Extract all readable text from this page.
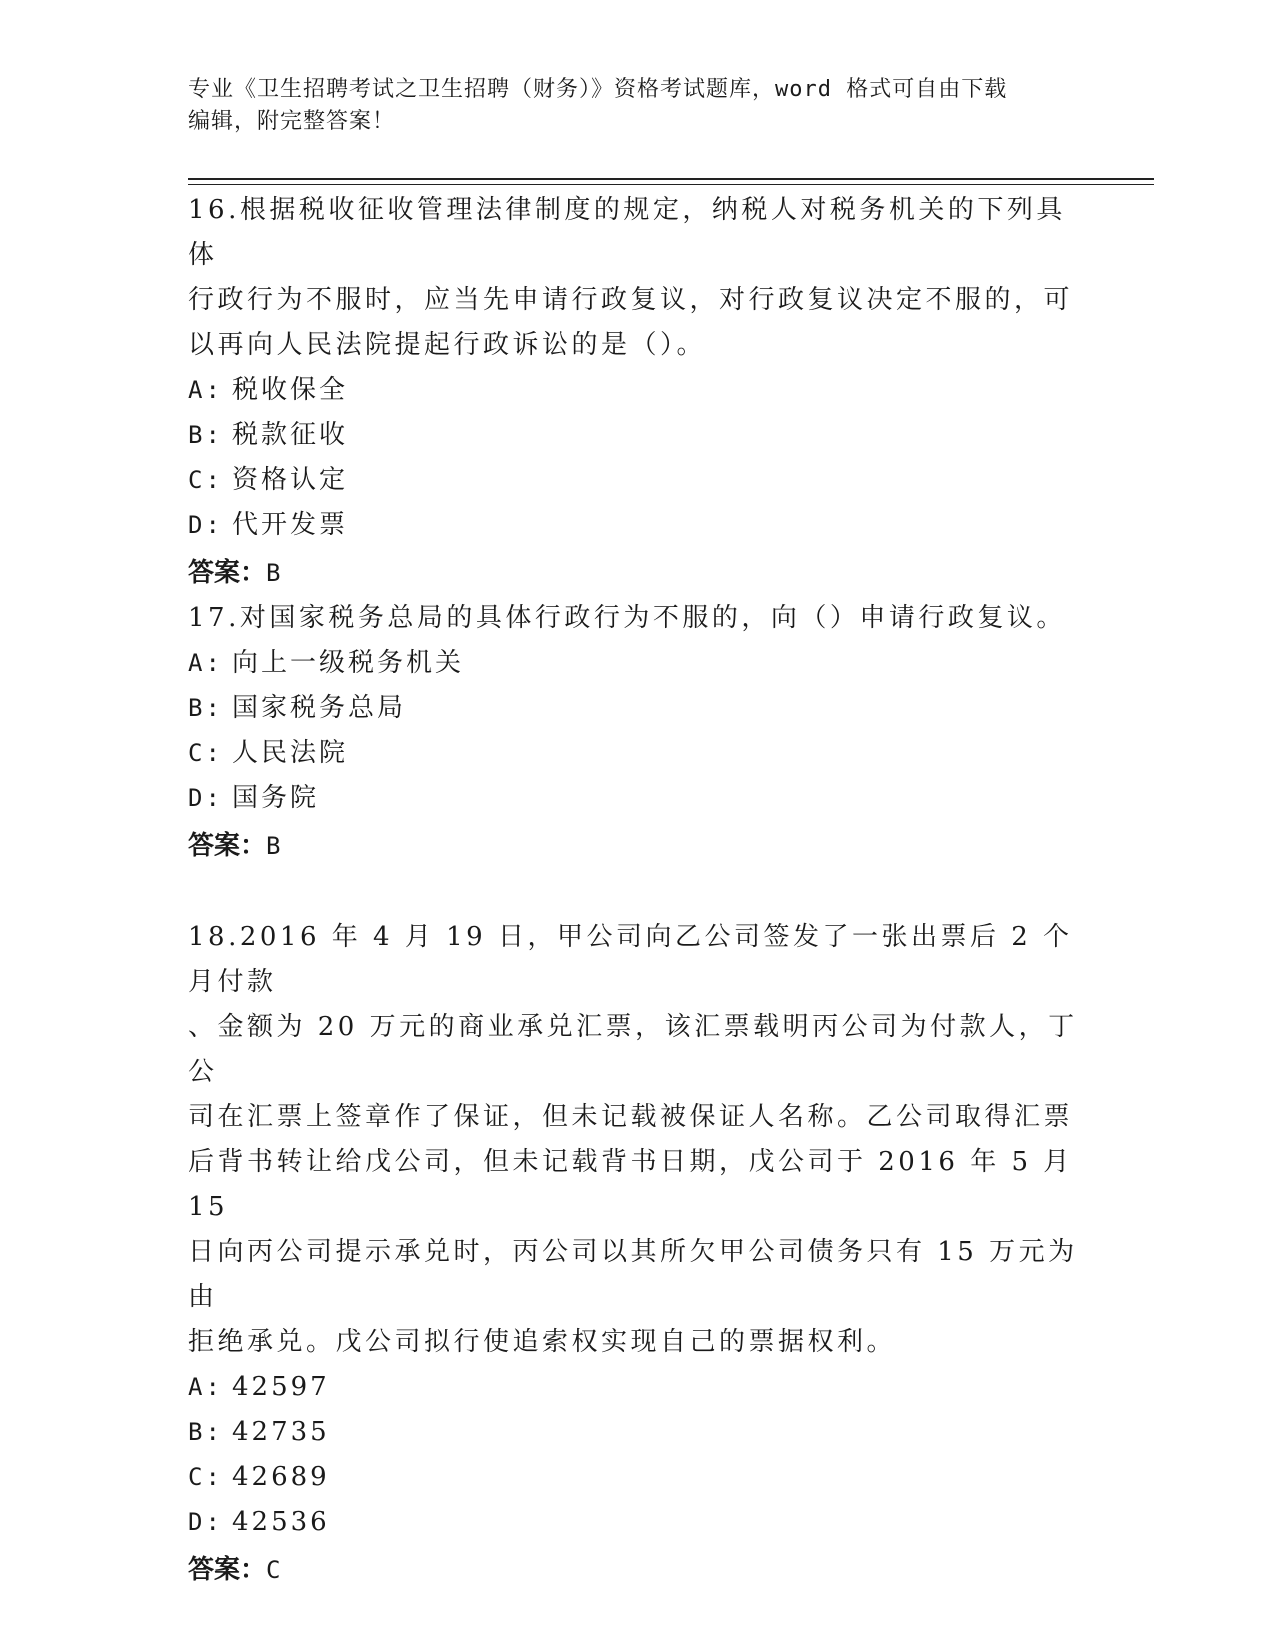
专业《卫生招聘考试之卫生招聘（财务）》资格考试题库，word 格式可自由下载
编辑，附完整答案！

16.根据税收征收管理法律制度的规定，纳税人对税务机关的下列具体
行政行为不服时，应当先申请行政复议，对行政复议决定不服的，可
以再向人民法院提起行政诉讼的是（）。

A: 税收保全
B: 税款征收
C: 资格认定
D: 代开发票
答案：B

17.对国家税务总局的具体行政行为不服的，向（）申请行政复议。

A: 向上一级税务机关
B: 国家税务总局
C: 人民法院
D: 国务院
答案：B

18.2016 年 4 月 19 日，甲公司向乙公司签发了一张出票后 2 个月付款
、金额为 20 万元的商业承兑汇票，该汇票载明丙公司为付款人，丁公
司在汇票上签章作了保证，但未记载被保证人名称。乙公司取得汇票
后背书转让给戊公司，但未记载背书日期，戊公司于 2016 年 5 月 15
日向丙公司提示承兑时，丙公司以其所欠甲公司债务只有 15 万元为由
拒绝承兑。戊公司拟行使追索权实现自己的票据权利。

A: 42597
B: 42735
C: 42689
D: 42536
答案：C
